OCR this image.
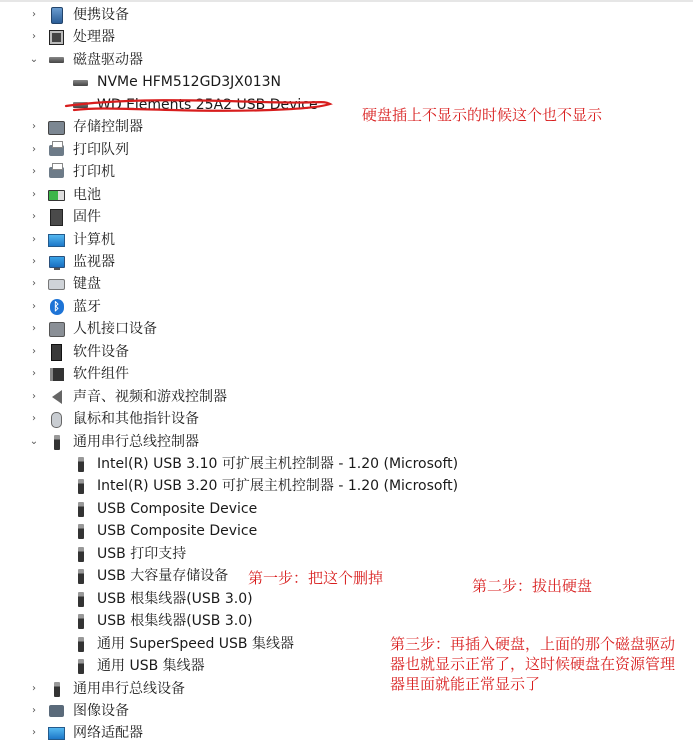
›	便携设备
›	处理器
⌄ 磁盘驱动器
NVMe HFM512GD3JX013N
WD Elements 25A2 USB Device
›	存储控制器
›	打印队列
›	打印机
›	电池
›	固件
›	计算机
›	监视器
›	键盘
›	ᛒ 蓝牙
›	人机接口设备
›	软件设备
›	软件组件
›	声音、视频和游戏控制器
›	鼠标和其他指针设备
⌄ 通用串行总线控制器
Intel(R) USB 3.10 可扩展主机控制器 - 1.20 (Microsoft)
Intel(R) USB 3.20 可扩展主机控制器 - 1.20 (Microsoft)
USB Composite Device
USB Composite Device
USB 打印支持
USB 大容量存储设备
USB 根集线器(USB 3.0)
USB 根集线器(USB 3.0)
通用 SuperSpeed USB 集线器
通用 USB 集线器
›	通用串行总线设备
›	图像设备
›	网络适配器
硬盘插上不显示的时候这个也不显示
第一步：把这个删掉	第二步：拔出硬盘
第三步：再插入硬盘，上面的那个磁盘驱动器也就显示正常了，这时候硬盘在资源管理器里面就能正常显示了
